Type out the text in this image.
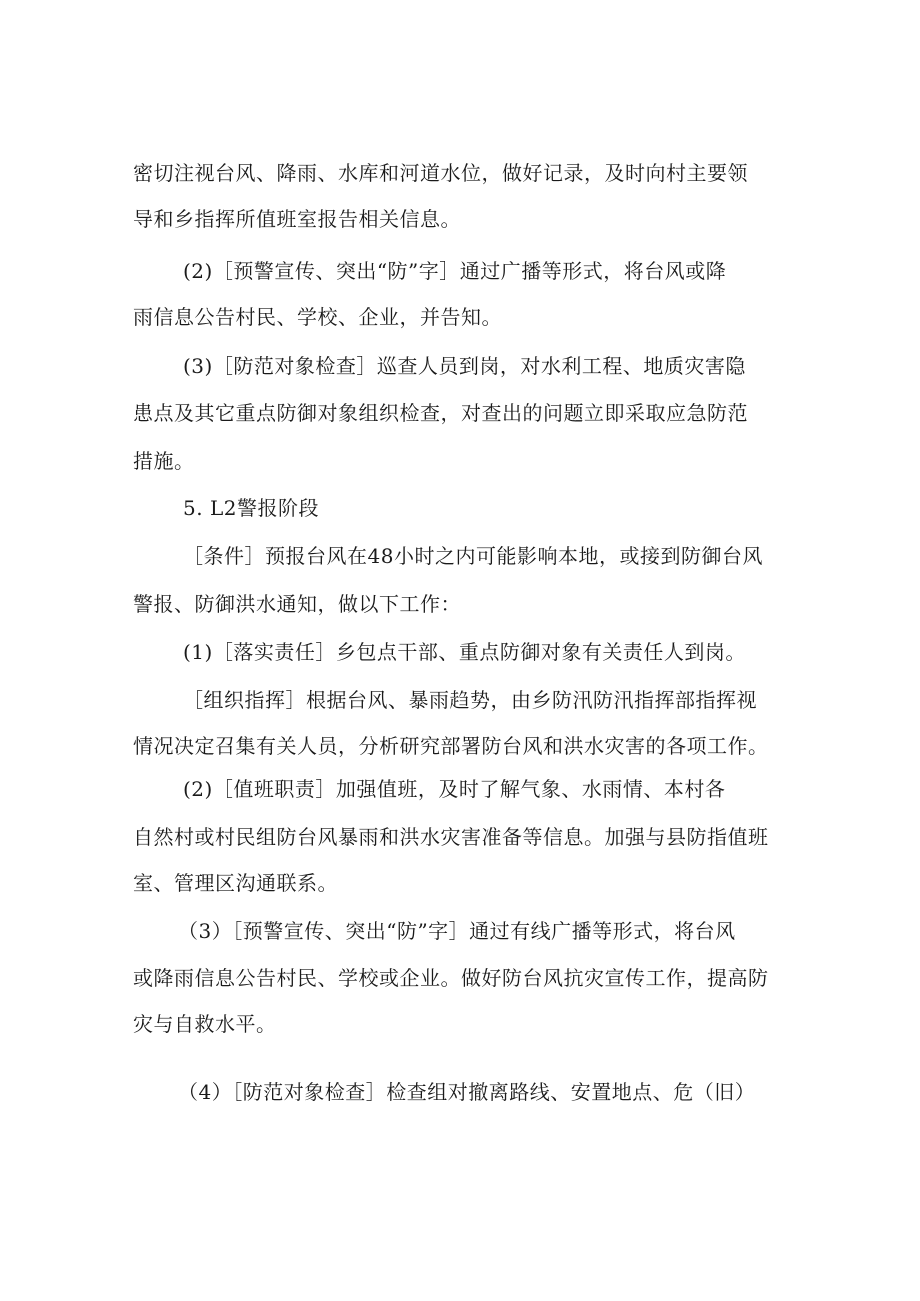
密切注视台风、降雨、水库和河道水位，做好记录，及时向村主要领
导和乡指挥所值班室报告相关信息。
(2)［预警宣传、突出“防”字］通过广播等形式，将台风或降
雨信息公告村民、学校、企业，并告知。
(3)［防范对象检查］巡查人员到岗，对水利工程、地质灾害隐
患点及其它重点防御对象组织检查，对查出的问题立即采取应急防范
措施。
5. L2警报阶段
［条件］预报台风在48小时之内可能影响本地，或接到防御台风
警报、防御洪水通知，做以下工作：
(1)［落实责任］乡包点干部、重点防御对象有关责任人到岗。
［组织指挥］根据台风、暴雨趋势，由乡防汛防汛指挥部指挥视
情况决定召集有关人员，分析研究部署防台风和洪水灾害的各项工作。
(2)［值班职责］加强值班，及时了解气象、水雨情、本村各
自然村或村民组防台风暴雨和洪水灾害准备等信息。加强与县防指值班
室、管理区沟通联系。
（3）［预警宣传、突出“防”字］通过有线广播等形式，将台风
或降雨信息公告村民、学校或企业。做好防台风抗灾宣传工作，提高防
灾与自救水平。
（4）［防范对象检查］检查组对撤离路线、安置地点、危（旧）
